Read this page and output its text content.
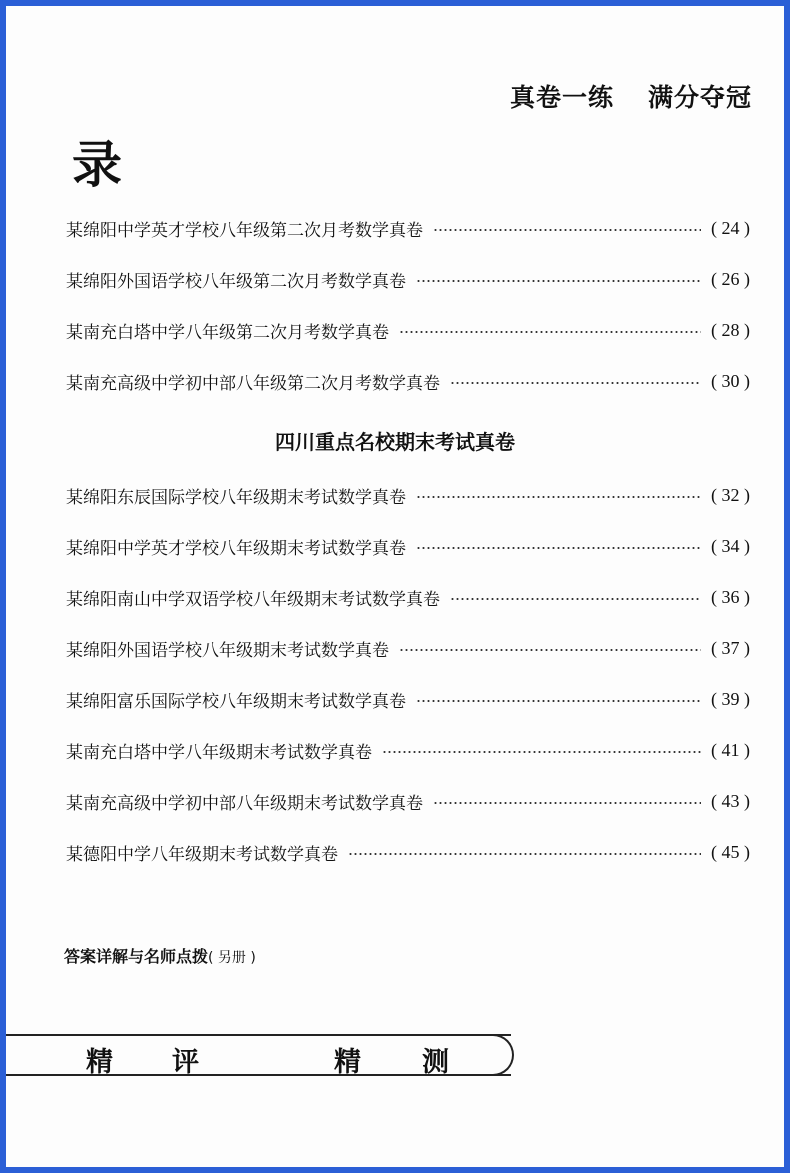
真卷一练 满分夺冠
录
某绵阳中学英才学校八年级第二次月考数学真卷	( 24 )
某绵阳外国语学校八年级第二次月考数学真卷	( 26 )
某南充白塔中学八年级第二次月考数学真卷	( 28 )
某南充高级中学初中部八年级第二次月考数学真卷	( 30 )
四川重点名校期末考试真卷
某绵阳东辰国际学校八年级期末考试数学真卷	( 32 )
某绵阳中学英才学校八年级期末考试数学真卷	( 34 )
某绵阳南山中学双语学校八年级期末考试数学真卷	( 36 )
某绵阳外国语学校八年级期末考试数学真卷	( 37 )
某绵阳富乐国际学校八年级期末考试数学真卷	( 39 )
某南充白塔中学八年级期末考试数学真卷	( 41 )
某南充高级中学初中部八年级期末考试数学真卷	( 43 )
某德阳中学八年级期末考试数学真卷	( 45 )
答案详解与名师点拨( 另册 )
精 评	精 测
